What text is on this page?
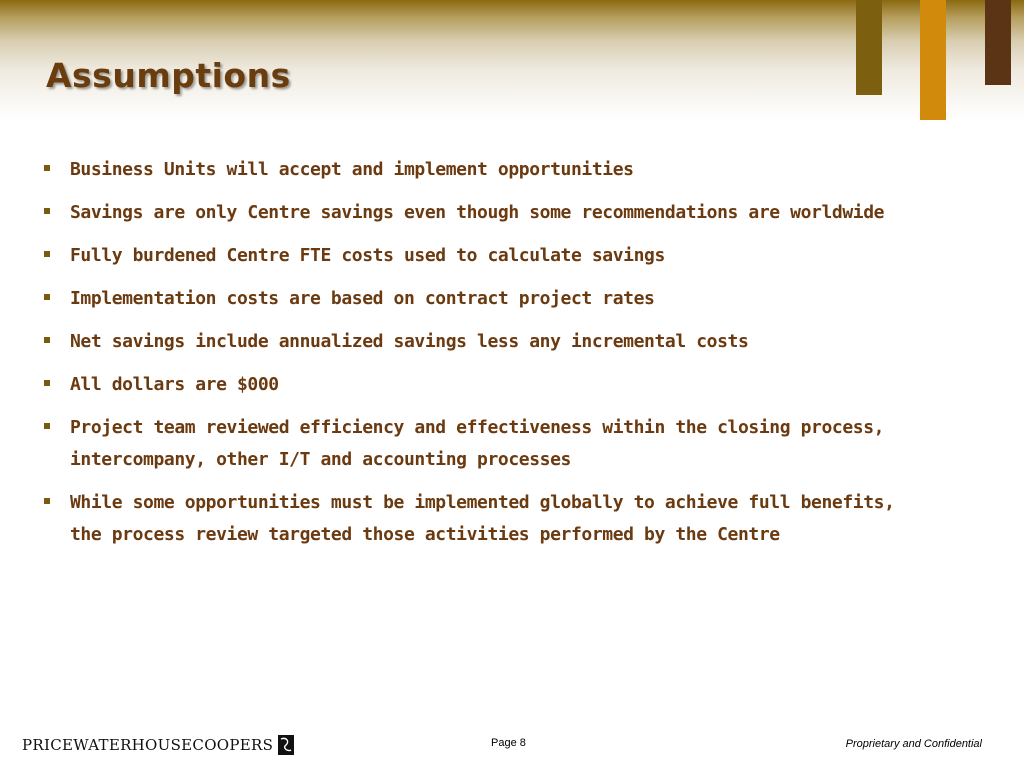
Assumptions
Business Units will accept and implement opportunities
Savings are only Centre savings even though some recommendations are worldwide
Fully burdened Centre FTE costs used to calculate savings
Implementation costs are based on contract project rates
Net savings include annualized savings less any incremental costs
All dollars are $000
Project team reviewed efficiency and effectiveness within the closing process, intercompany, other I/T and accounting processes
While some opportunities must be implemented globally to achieve full benefits, the process review targeted those activities performed by the Centre
PRICEWATERHOUSECOOPERS	Page 8	Proprietary and Confidential
